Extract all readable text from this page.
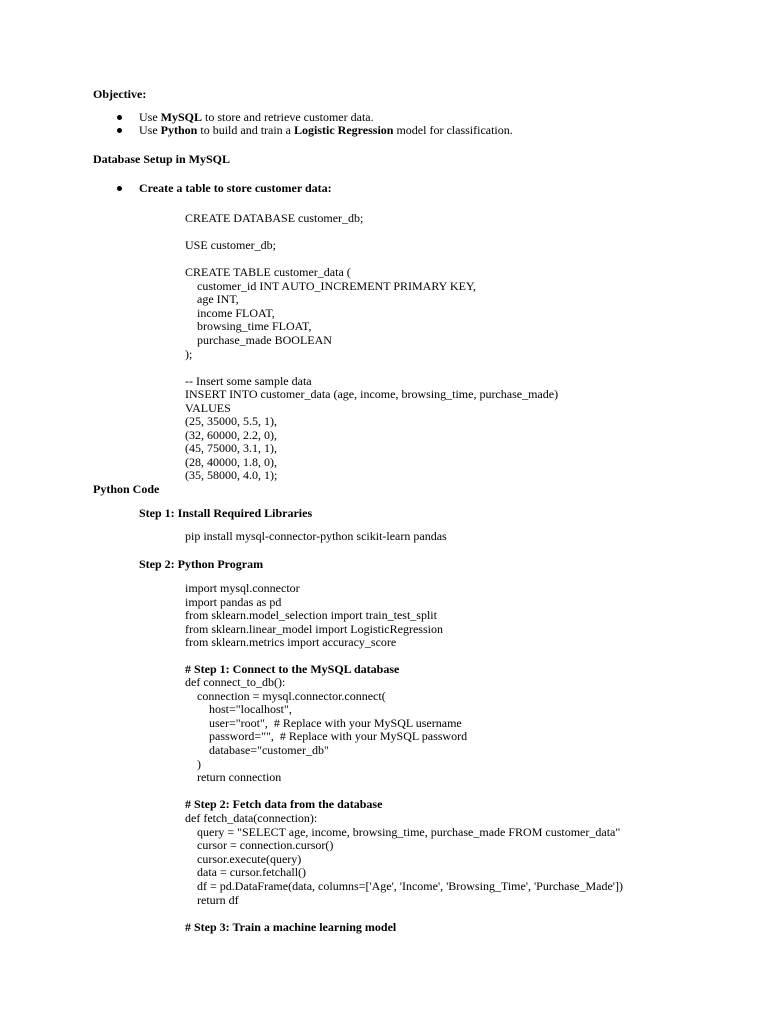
Objective:
Use MySQL to store and retrieve customer data.
Use Python to build and train a Logistic Regression model for classification.
Database Setup in MySQL
Create a table to store customer data:
CREATE DATABASE customer_db;
USE customer_db;
CREATE TABLE customer_data (
customer_id INT AUTO_INCREMENT PRIMARY KEY,
age INT,
income FLOAT,
browsing_time FLOAT,
purchase_made BOOLEAN
);
-- Insert some sample data
INSERT INTO customer_data (age, income, browsing_time, purchase_made)
VALUES
(25, 35000, 5.5, 1),
(32, 60000, 2.2, 0),
(45, 75000, 3.1, 1),
(28, 40000, 1.8, 0),
(35, 58000, 4.0, 1);
Python Code
Step 1: Install Required Libraries
pip install mysql-connector-python scikit-learn pandas
Step 2: Python Program
import mysql.connector
import pandas as pd
from sklearn.model_selection import train_test_split
from sklearn.linear_model import LogisticRegression
from sklearn.metrics import accuracy_score
# Step 1: Connect to the MySQL database
def connect_to_db():
connection = mysql.connector.connect(
host="localhost",
user="root",  # Replace with your MySQL username
password="",  # Replace with your MySQL password
database="customer_db"
)
return connection
# Step 2: Fetch data from the database
def fetch_data(connection):
query = "SELECT age, income, browsing_time, purchase_made FROM customer_data"
cursor = connection.cursor()
cursor.execute(query)
data = cursor.fetchall()
df = pd.DataFrame(data, columns=['Age', 'Income', 'Browsing_Time', 'Purchase_Made'])
return df
# Step 3: Train a machine learning model
